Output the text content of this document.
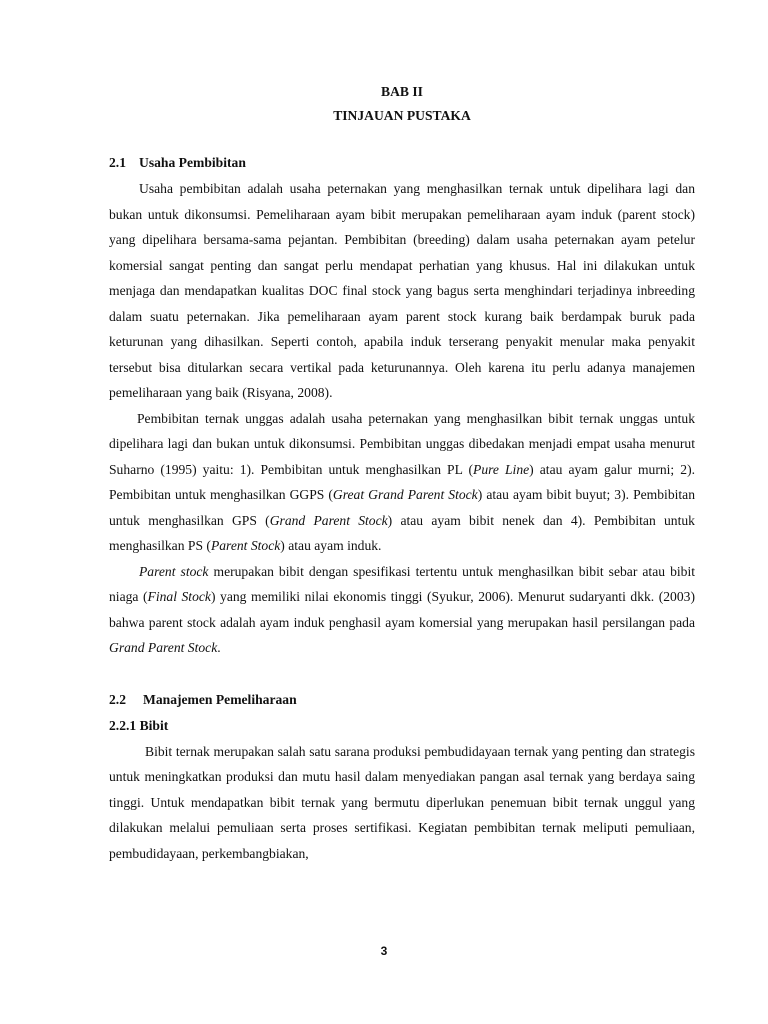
BAB II
TINJAUAN PUSTAKA
2.1 Usaha Pembibitan

Usaha pembibitan adalah usaha peternakan yang menghasilkan ternak untuk dipelihara lagi dan bukan untuk dikonsumsi. Pemeliharaan ayam bibit merupakan pemeliharaan ayam induk (parent stock) yang dipelihara bersama-sama pejantan. Pembibitan (breeding) dalam usaha peternakan ayam petelur komersial sangat penting dan sangat perlu mendapat perhatian yang khusus. Hal ini dilakukan untuk menjaga dan mendapatkan kualitas DOC final stock yang bagus serta menghindari terjadinya inbreeding dalam suatu peternakan. Jika pemeliharaan ayam parent stock kurang baik berdampak buruk pada keturunan yang dihasilkan. Seperti contoh, apabila induk terserang penyakit menular maka penyakit tersebut bisa ditularkan secara vertikal pada keturunannya. Oleh karena itu perlu adanya manajemen pemeliharaan yang baik (Risyana, 2008).

Pembibitan ternak unggas adalah usaha peternakan yang menghasilkan bibit ternak unggas untuk dipelihara lagi dan bukan untuk dikonsumsi. Pembibitan unggas dibedakan menjadi empat usaha menurut Suharno (1995) yaitu: 1). Pembibitan untuk menghasilkan PL (Pure Line) atau ayam galur murni; 2). Pembibitan untuk menghasilkan GGPS (Great Grand Parent Stock) atau ayam bibit buyut; 3). Pembibitan untuk menghasilkan GPS (Grand Parent Stock) atau ayam bibit nenek dan 4). Pembibitan untuk menghasilkan PS (Parent Stock) atau ayam induk.

Parent stock merupakan bibit dengan spesifikasi tertentu untuk menghasilkan bibit sebar atau bibit niaga (Final Stock) yang memiliki nilai ekonomis tinggi (Syukur, 2006). Menurut sudaryanti dkk. (2003) bahwa parent stock adalah ayam induk penghasil ayam komersial yang merupakan hasil persilangan pada Grand Parent Stock.

2.2 Manajemen Pemeliharaan
2.2.1 Bibit

Bibit ternak merupakan salah satu sarana produksi pembudidayaan ternak yang penting dan strategis untuk meningkatkan produksi dan mutu hasil dalam menyediakan pangan asal ternak yang berdaya saing tinggi. Untuk mendapatkan bibit ternak yang bermutu diperlukan penemuan bibit ternak unggul yang dilakukan melalui pemuliaan serta proses sertifikasi. Kegiatan pembibitan ternak meliputi pemuliaan, pembudidayaan, perkembangbiakan,

3
